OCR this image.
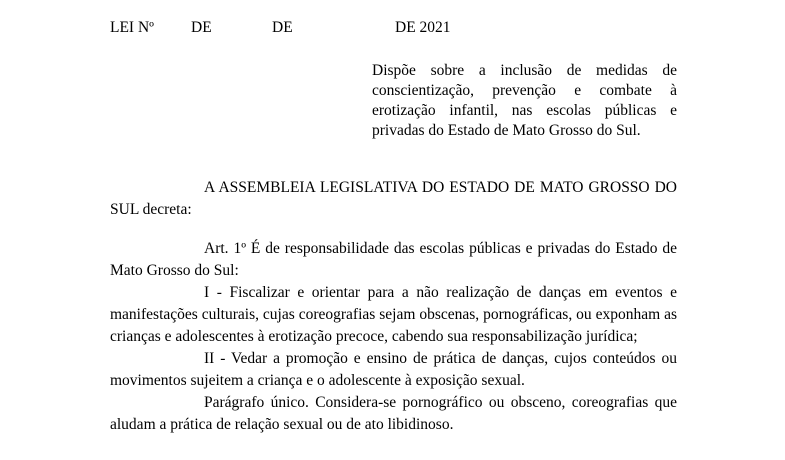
LEI Nº DE	DE	DE 2021
Dispõe sobre a inclusão de medidas de conscientização, prevenção e combate à erotização infantil, nas escolas públicas e privadas do Estado de Mato Grosso do Sul.

A ASSEMBLEIA LEGISLATIVA DO ESTADO DE MATO GROSSO DO SUL decreta:

Art. 1º É de responsabilidade das escolas públicas e privadas do Estado de Mato Grosso do Sul:

I - Fiscalizar e orientar para a não realização de danças em eventos e manifestações culturais, cujas coreografias sejam obscenas, pornográficas, ou exponham as crianças e adolescentes à erotização precoce, cabendo sua responsabilização jurídica;

II - Vedar a promoção e ensino de prática de danças, cujos conteúdos ou movimentos sujeitem a criança e o adolescente à exposição sexual.

Parágrafo único. Considera-se pornográfico ou obsceno, coreografias que aludam a prática de relação sexual ou de ato libidinoso.
